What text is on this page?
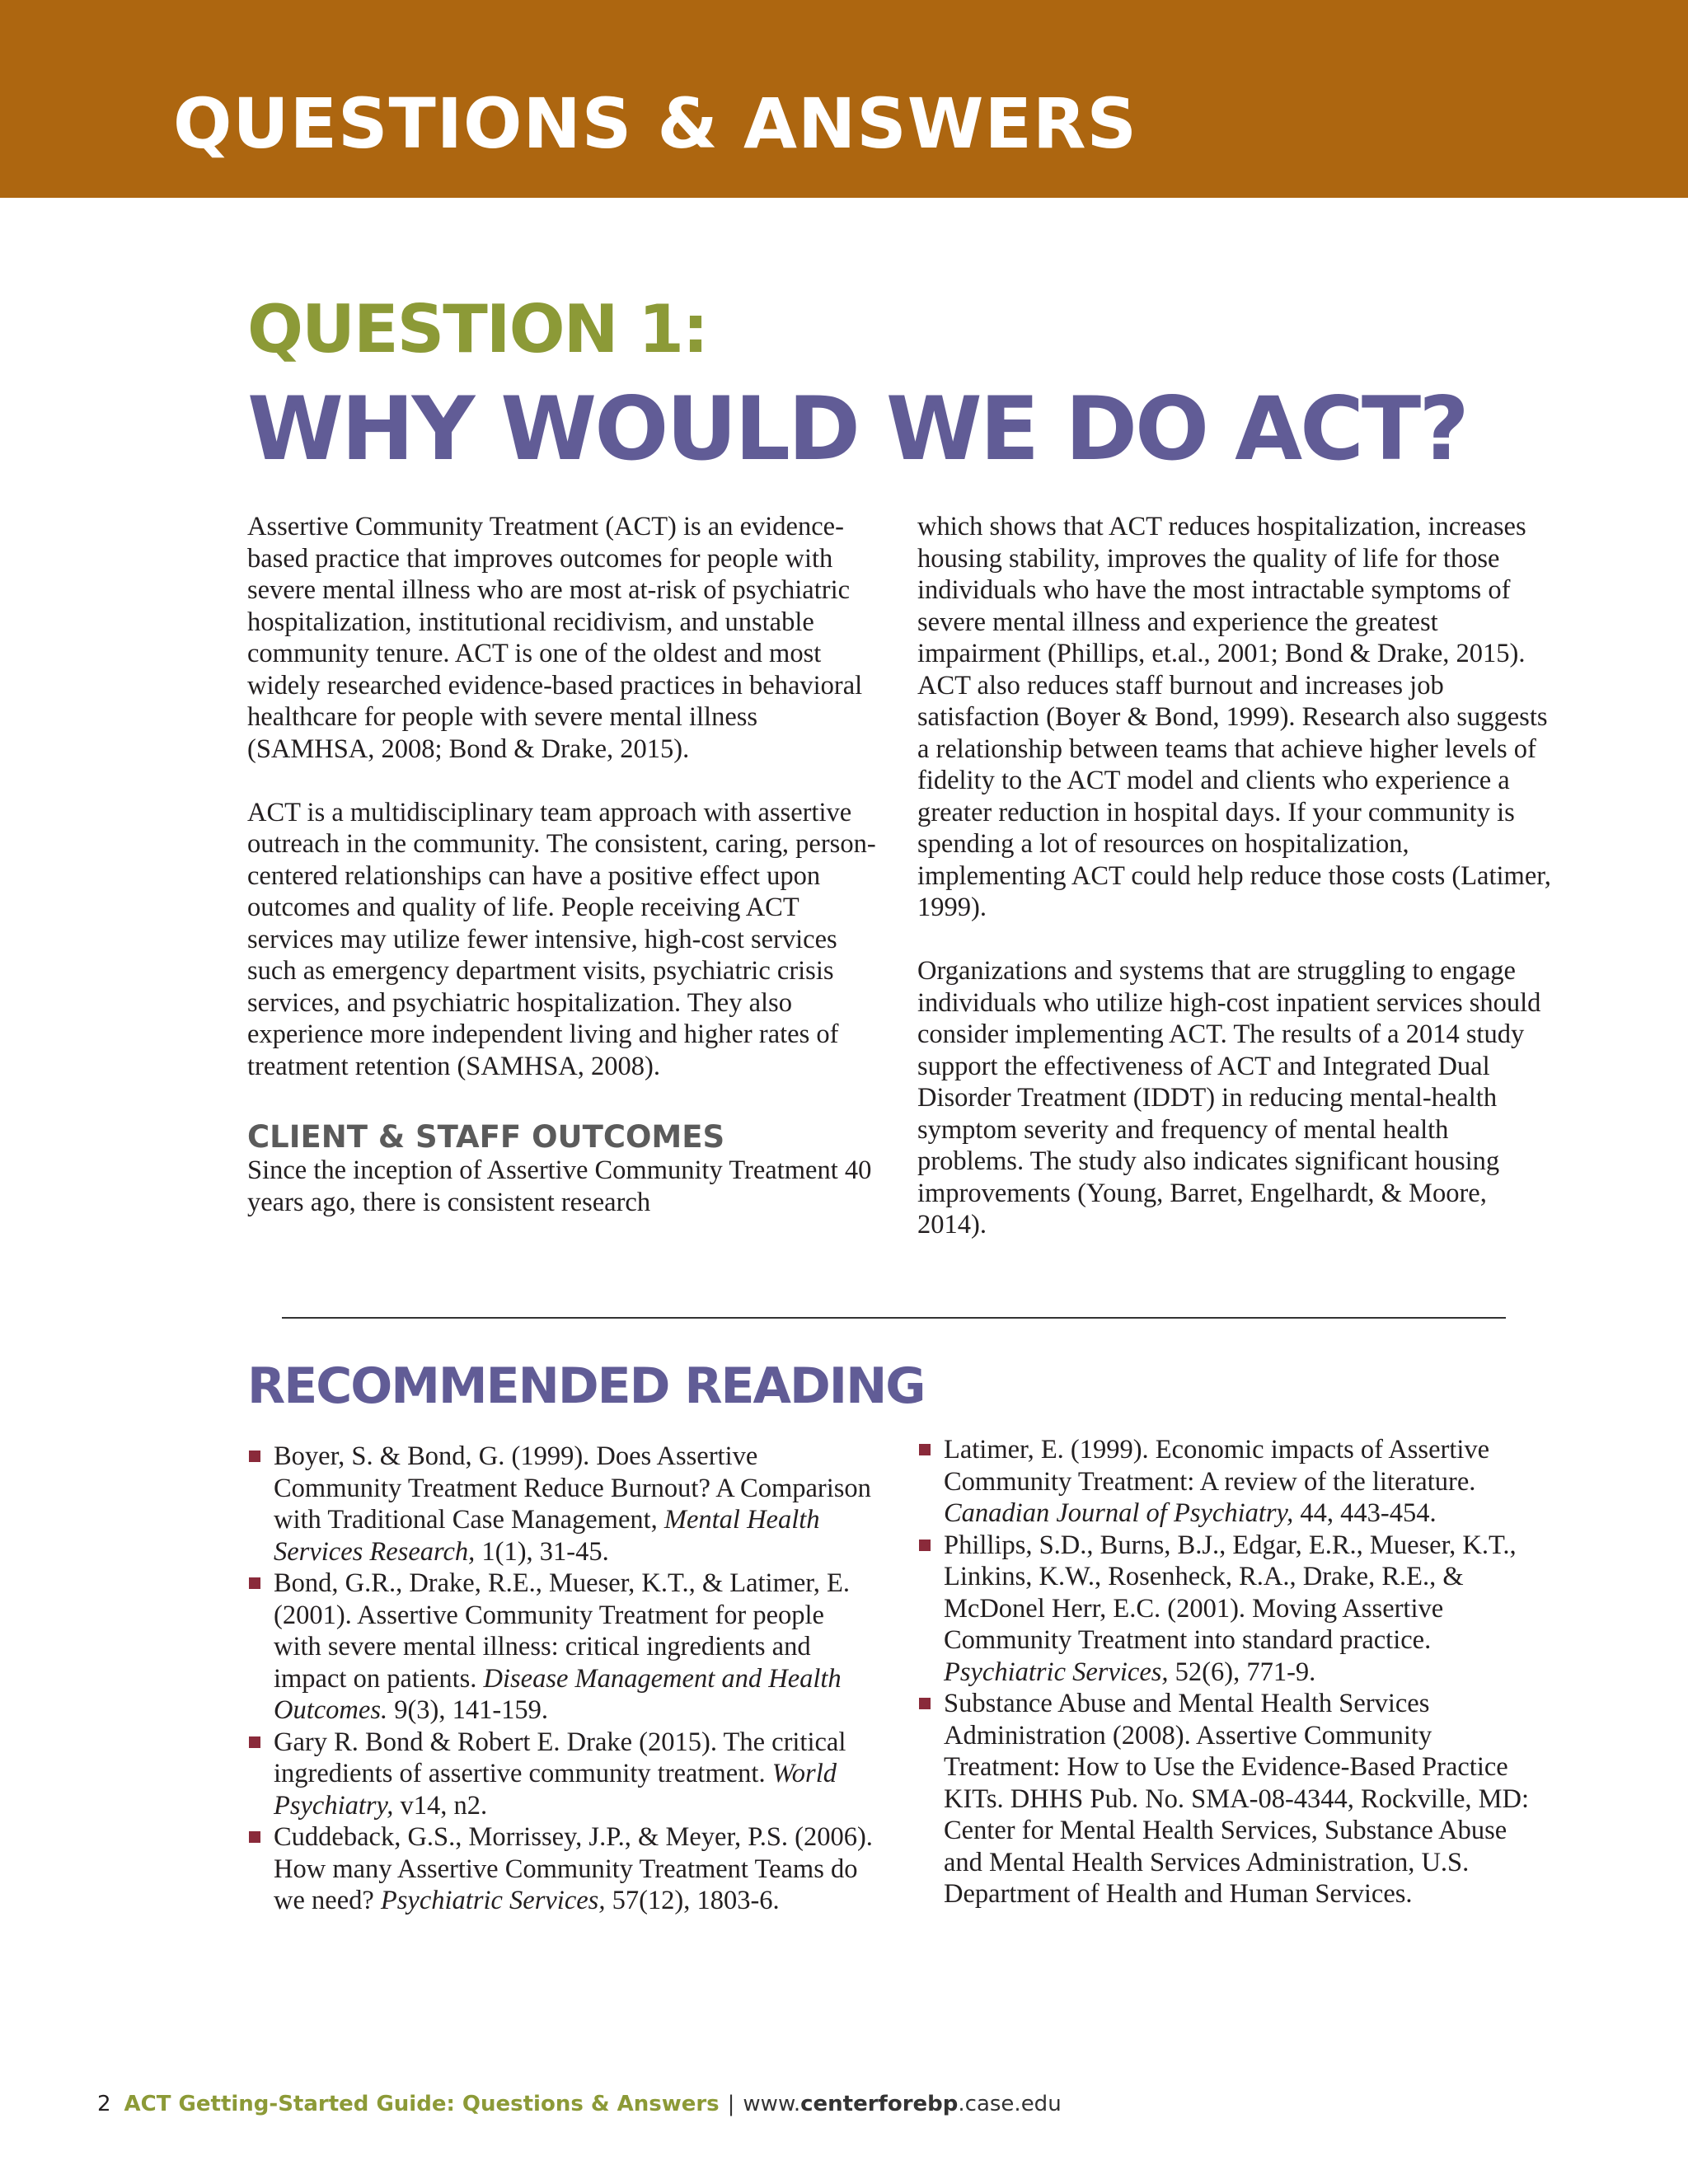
QUESTIONS & ANSWERS
QUESTION 1:
WHY WOULD WE DO ACT?

Assertive Community Treatment (ACT) is an evidence-based practice that improves outcomes for people with severe mental illness who are most at-risk of psychiatric hospitalization, institutional recidivism, and unstable community tenure. ACT is one of the oldest and most widely researched evidence-based practices in behavioral healthcare for people with severe mental illness (SAMHSA, 2008; Bond & Drake, 2015).

ACT is a multidisciplinary team approach with assertive outreach in the community. The consistent, caring, person-centered relationships can have a positive effect upon outcomes and quality of life. People receiving ACT services may utilize fewer intensive, high-cost services such as emergency department visits, psychiatric crisis services, and psychiatric hospitalization. They also experience more independent living and higher rates of treatment retention (SAMHSA, 2008).

CLIENT & STAFF OUTCOMES

Since the inception of Assertive Community Treatment 40 years ago, there is consistent research

which shows that ACT reduces hospitalization, increases housing stability, improves the quality of life for those individuals who have the most intractable symptoms of severe mental illness and experience the greatest impairment (Phillips, et.al., 2001; Bond & Drake, 2015). ACT also reduces staff burnout and increases job satisfaction (Boyer & Bond, 1999). Research also suggests a relationship between teams that achieve higher levels of fidelity to the ACT model and clients who experience a greater reduction in hospital days. If your community is spending a lot of resources on hospitalization, implementing ACT could help reduce those costs (Latimer, 1999).

Organizations and systems that are struggling to engage individuals who utilize high-cost inpatient services should consider implementing ACT. The results of a 2014 study support the effectiveness of ACT and Integrated Dual Disorder Treatment (IDDT) in reducing mental-health symptom severity and frequency of mental health problems. The study also indicates significant housing improvements (Young, Barret, Engelhardt, & Moore, 2014).

RECOMMENDED READING
Boyer, S. & Bond, G. (1999). Does Assertive Community Treatment Reduce Burnout? A Comparison with Traditional Case Management, Mental Health Services Research, 1(1), 31-45.
Bond, G.R., Drake, R.E., Mueser, K.T., & Latimer, E. (2001). Assertive Community Treatment for people with severe mental illness: critical ingredients and impact on patients. Disease Management and Health Outcomes. 9(3), 141-159.
Gary R. Bond & Robert E. Drake (2015). The critical ingredients of assertive community treatment. World Psychiatry, v14, n2.
Cuddeback, G.S., Morrissey, J.P., & Meyer, P.S. (2006). How many Assertive Community Treatment Teams do we need? Psychiatric Services, 57(12), 1803-6.
Latimer, E. (1999). Economic impacts of Assertive Community Treatment: A review of the literature. Canadian Journal of Psychiatry, 44, 443-454.
Phillips, S.D., Burns, B.J., Edgar, E.R., Mueser, K.T., Linkins, K.W., Rosenheck, R.A., Drake, R.E., & McDonel Herr, E.C. (2001). Moving Assertive Community Treatment into standard practice. Psychiatric Services, 52(6), 771-9.
Substance Abuse and Mental Health Services Administration (2008). Assertive Community Treatment: How to Use the Evidence-Based Practice KITs. DHHS Pub. No. SMA-08-4344, Rockville, MD: Center for Mental Health Services, Substance Abuse and Mental Health Services Administration, U.S. Department of Health and Human Services.
2 ACT Getting-Started Guide: Questions & Answers | www.centerforebp.case.edu
